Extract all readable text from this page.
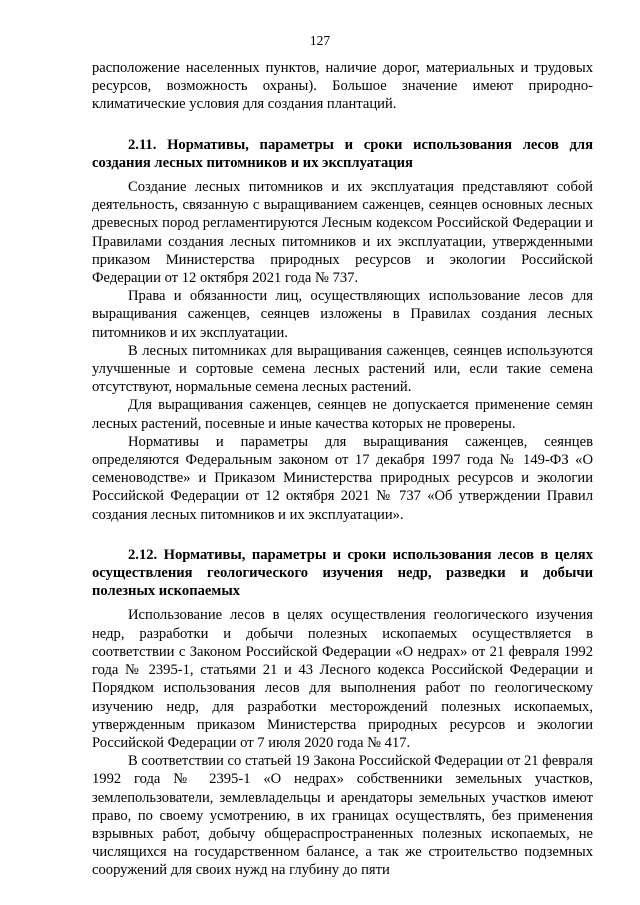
127

расположение населенных пунктов, наличие дорог, материальных и трудовых ресурсов, возможность охраны). Большое значение имеют природно-климатические условия для создания плантаций.

2.11. Нормативы, параметры и сроки использования лесов для создания лесных питомников и их эксплуатация

Создание лесных питомников и их эксплуатация представляют собой деятельность, связанную с выращиванием саженцев, сеянцев основных лесных древесных пород регламентируются Лесным кодексом Российской Федерации и Правилами создания лесных питомников и их эксплуатации, утвержденными приказом Министерства природных ресурсов и экологии Российской Федерации от 12 октября 2021 года № 737.

Права и обязанности лиц, осуществляющих использование лесов для выращивания саженцев, сеянцев изложены в Правилах создания лесных питомников и их эксплуатации.

В лесных питомниках для выращивания саженцев, сеянцев используются улучшенные и сортовые семена лесных растений или, если такие семена отсутствуют, нормальные семена лесных растений.

Для выращивания саженцев, сеянцев не допускается применение семян лесных растений, посевные и иные качества которых не проверены.

Нормативы и параметры для выращивания саженцев, сеянцев определяются Федеральным законом от 17 декабря 1997 года № 149-ФЗ «О семеноводстве» и Приказом Министерства природных ресурсов и экологии Российской Федерации от 12 октября 2021 № 737 «Об утверждении Правил создания лесных питомников и их эксплуатации».

2.12. Нормативы, параметры и сроки использования лесов в целях осуществления геологического изучения недр, разведки и добычи полезных ископаемых

Использование лесов в целях осуществления геологического изучения недр, разработки и добычи полезных ископаемых осуществляется в соответствии с Законом Российской Федерации «О недрах» от 21 февраля 1992 года № 2395-1, статьями 21 и 43 Лесного кодекса Российской Федерации и Порядком использования лесов для выполнения работ по геологическому изучению недр, для разработки месторождений полезных ископаемых, утвержденным приказом Министерства природных ресурсов и экологии Российской Федерации от 7 июля 2020 года № 417.

В соответствии со статьей 19 Закона Российской Федерации от 21 февраля 1992 года № 2395-1 «О недрах» собственники земельных участков, землепользователи, землевладельцы и арендаторы земельных участков имеют право, по своему усмотрению, в их границах осуществлять, без применения взрывных работ, добычу общераспространенных полезных ископаемых, не числящихся на государственном балансе, а так же строительство подземных сооружений для своих нужд на глубину до пяти
